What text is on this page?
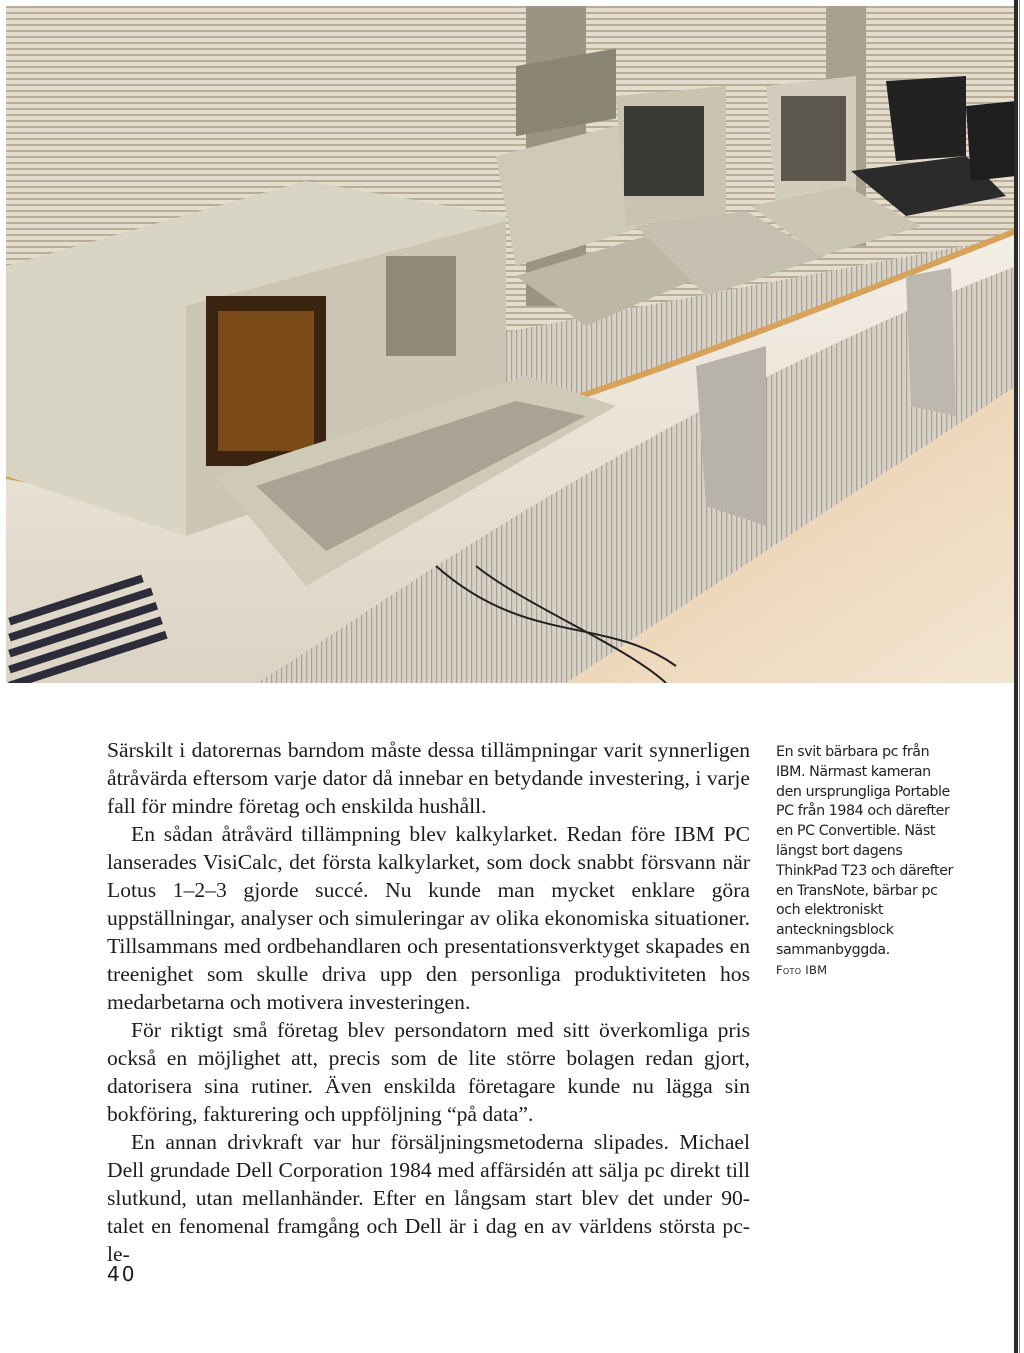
Särskilt i datorernas barndom måste dessa tillämpningar varit synnerligen åtråvärda eftersom varje dator då innebar en betydande investering, i varje fall för mindre företag och enskilda hushåll.

En sådan åtråvärd tillämpning blev kalkylarket. Redan före IBM PC lanserades VisiCalc, det första kalkylarket, som dock snabbt försvann när Lotus 1–2–3 gjorde succé. Nu kunde man mycket enklare göra uppställningar, analyser och simuleringar av olika ekonomiska situationer. Tillsammans med ordbehandlaren och presentationsverktyget skapades en treenighet som skulle driva upp den personliga produktiviteten hos medarbetarna och motivera investeringen.

För riktigt små företag blev persondatorn med sitt överkomliga pris också en möjlighet att, precis som de lite större bolagen redan gjort, datorisera sina rutiner. Även enskilda företagare kunde nu lägga sin bokföring, fakturering och uppföljning “på data”.

En annan drivkraft var hur försäljningsmetoderna slipades. Michael Dell grundade Dell Corporation 1984 med affärsidén att sälja pc direkt till slutkund, utan mellanhänder. Efter en långsam start blev det under 90-talet en fenomenal framgång och Dell är i dag en av världens största pc-le-

En svit bärbara pc från IBM. Närmast kameran den ursprungliga Portable PC från 1984 och därefter en PC Convertible. Näst längst bort dagens ThinkPad T23 och därefter en TransNote, bärbar pc och elektroniskt anteckningsblock sammanbyggda.
Foto IBM
40
